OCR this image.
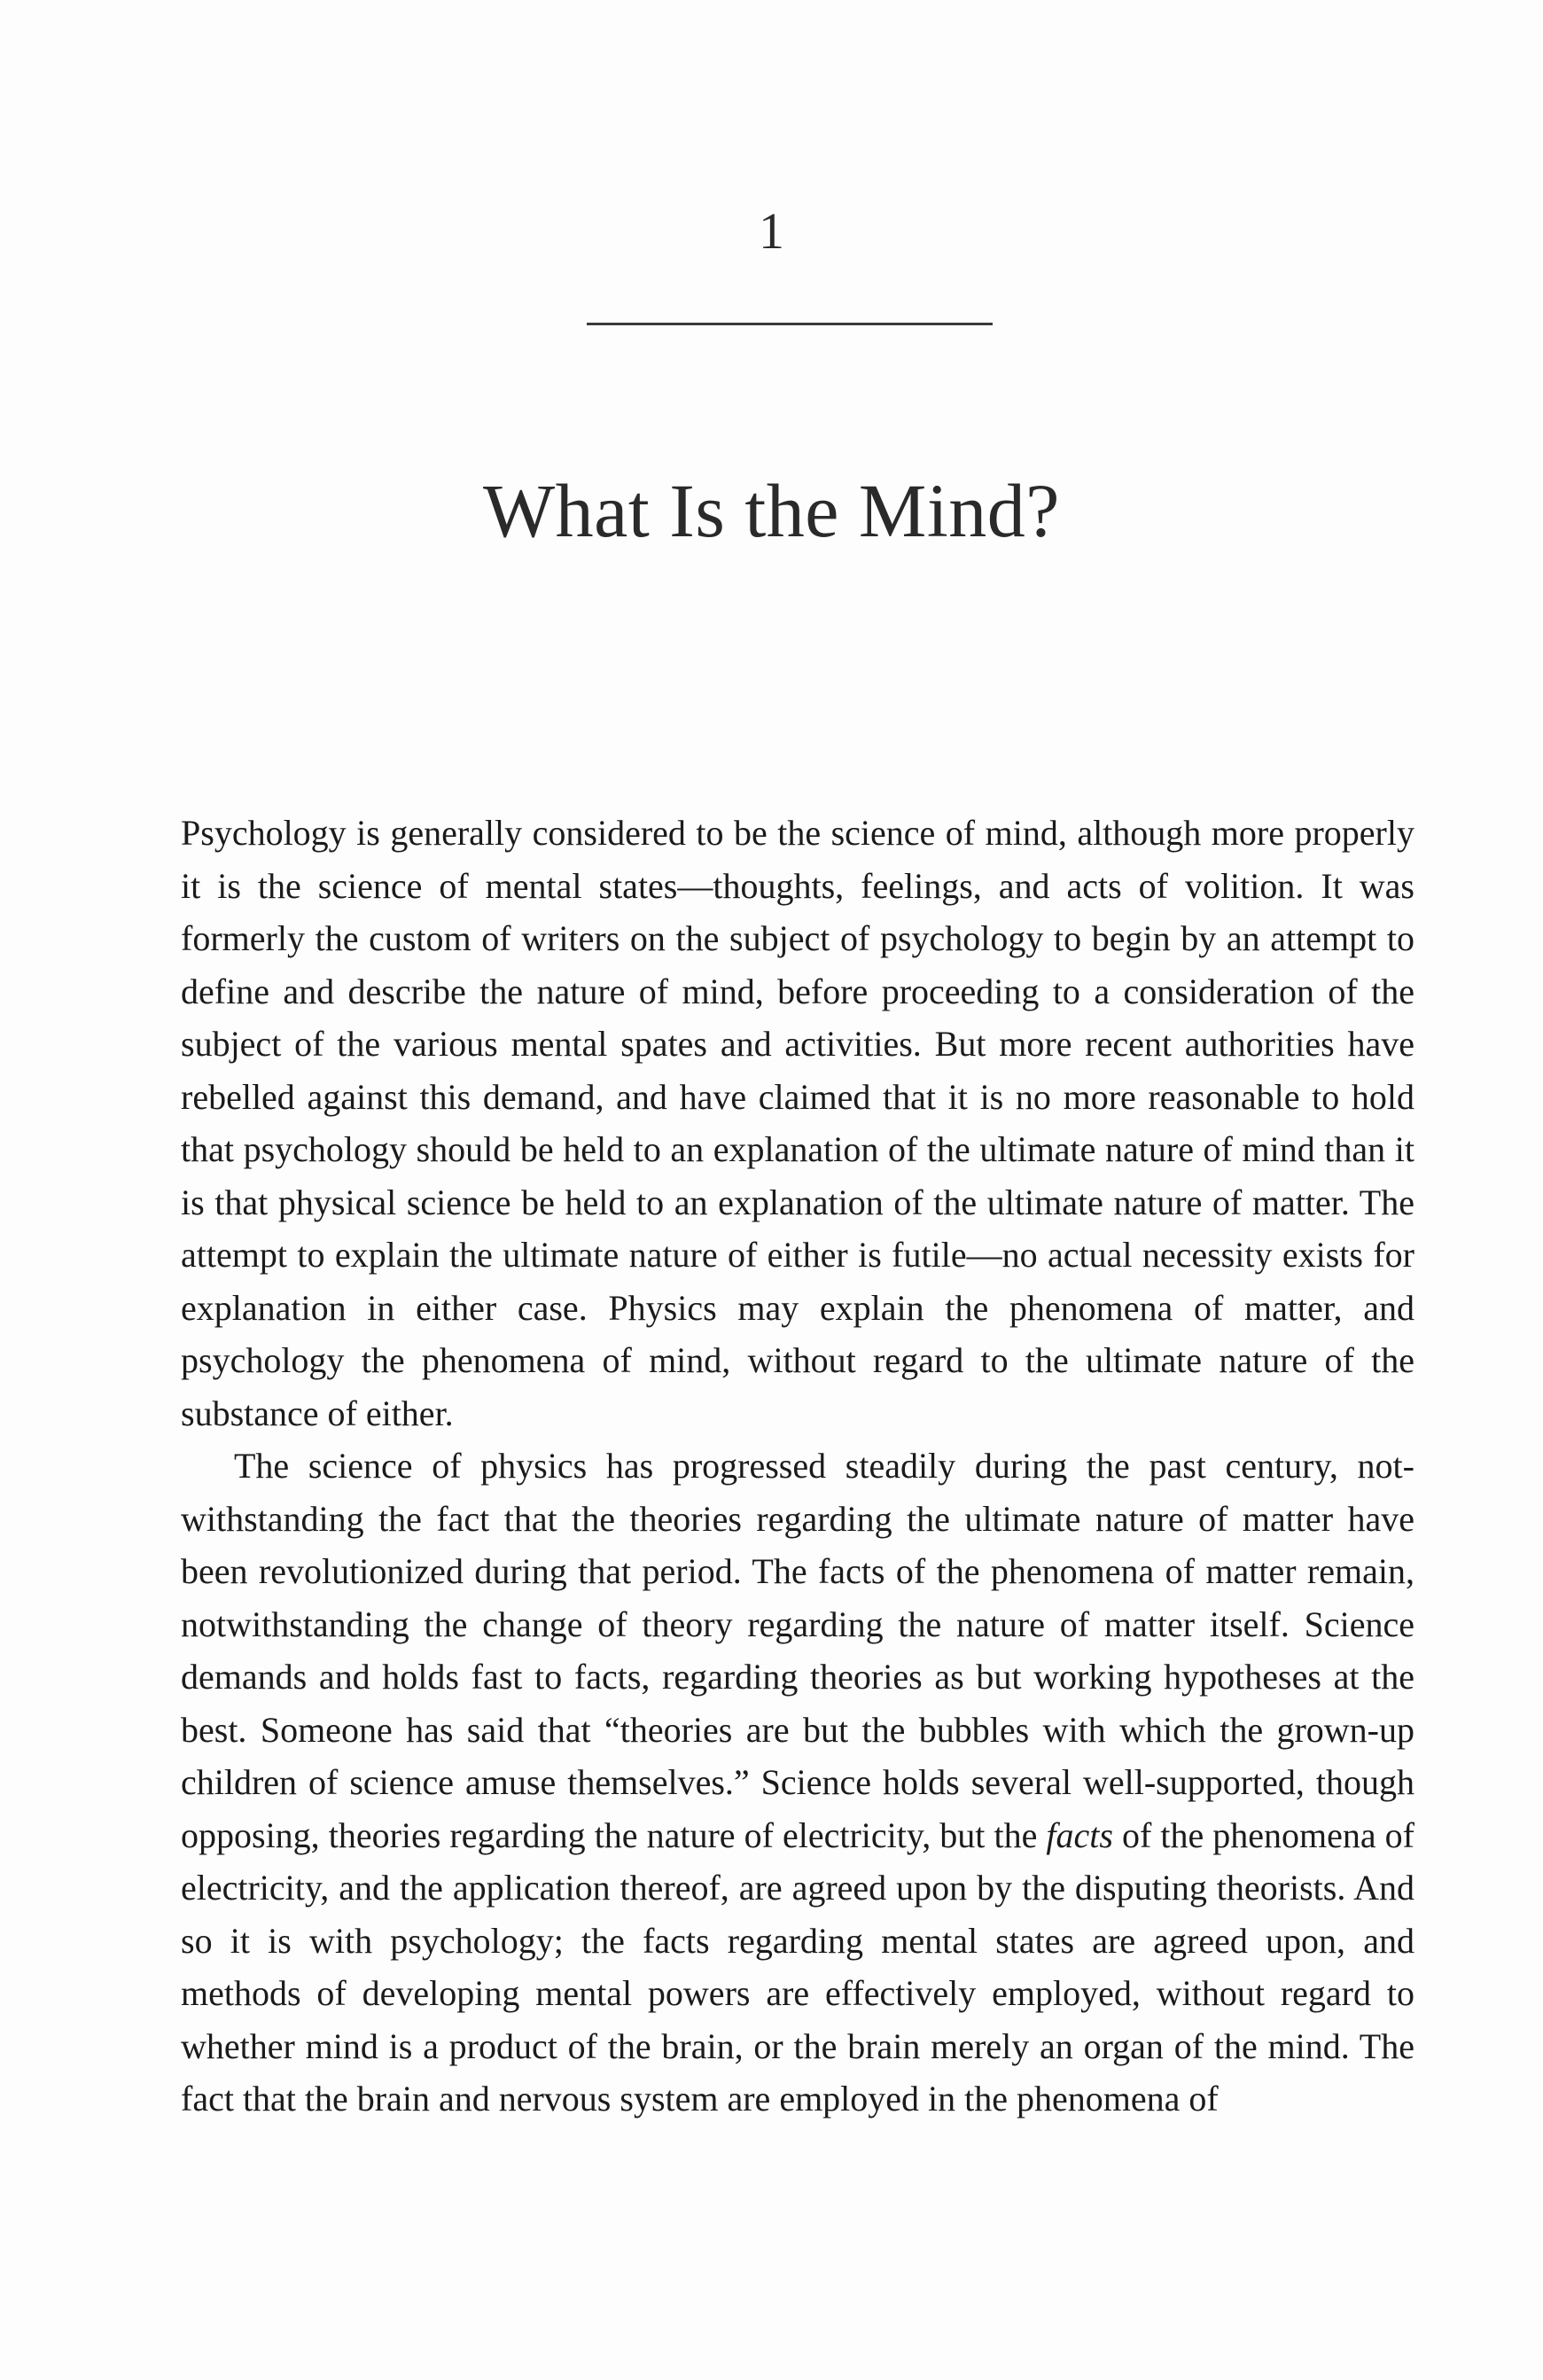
1
What Is the Mind?

Psychology is generally considered to be the science of mind, although more properly it is the science of mental states—thoughts, feelings, and acts of volition. It was formerly the custom of writers on the subject of psychology to begin by an attempt to define and describe the nature of mind, before proceeding to a consideration of the subject of the various mental spates and activities. But more recent authorities have rebelled against this demand, and have claimed that it is no more reasonable to hold that psychology should be held to an explanation of the ultimate nature of mind than it is that physical science be held to an explanation of the ultimate nature of matter. The attempt to explain the ultimate nature of either is futile—no actual necessity exists for explanation in either case. Physics may explain the phenomena of matter, and psychology the phenomena of mind, without regard to the ultimate nature of the substance of either.

The science of physics has progressed steadily during the past century, notwithstanding the fact that the theories regarding the ultimate nature of matter have been revolutionized during that period. The facts of the phenomena of matter remain, notwithstanding the change of theory regarding the nature of matter itself. Science demands and holds fast to facts, regarding theories as but working hypotheses at the best. Someone has said that “theories are but the bubbles with which the grown-up children of science amuse themselves.” Science holds several well-supported, though opposing, theories regarding the nature of electricity, but the facts of the phenomena of electricity, and the application thereof, are agreed upon by the disputing theorists. And so it is with psychology; the facts regarding mental states are agreed upon, and methods of developing mental powers are effectively employed, without regard to whether mind is a product of the brain, or the brain merely an organ of the mind. The fact that the brain and nervous system are employed in the phenomena of
